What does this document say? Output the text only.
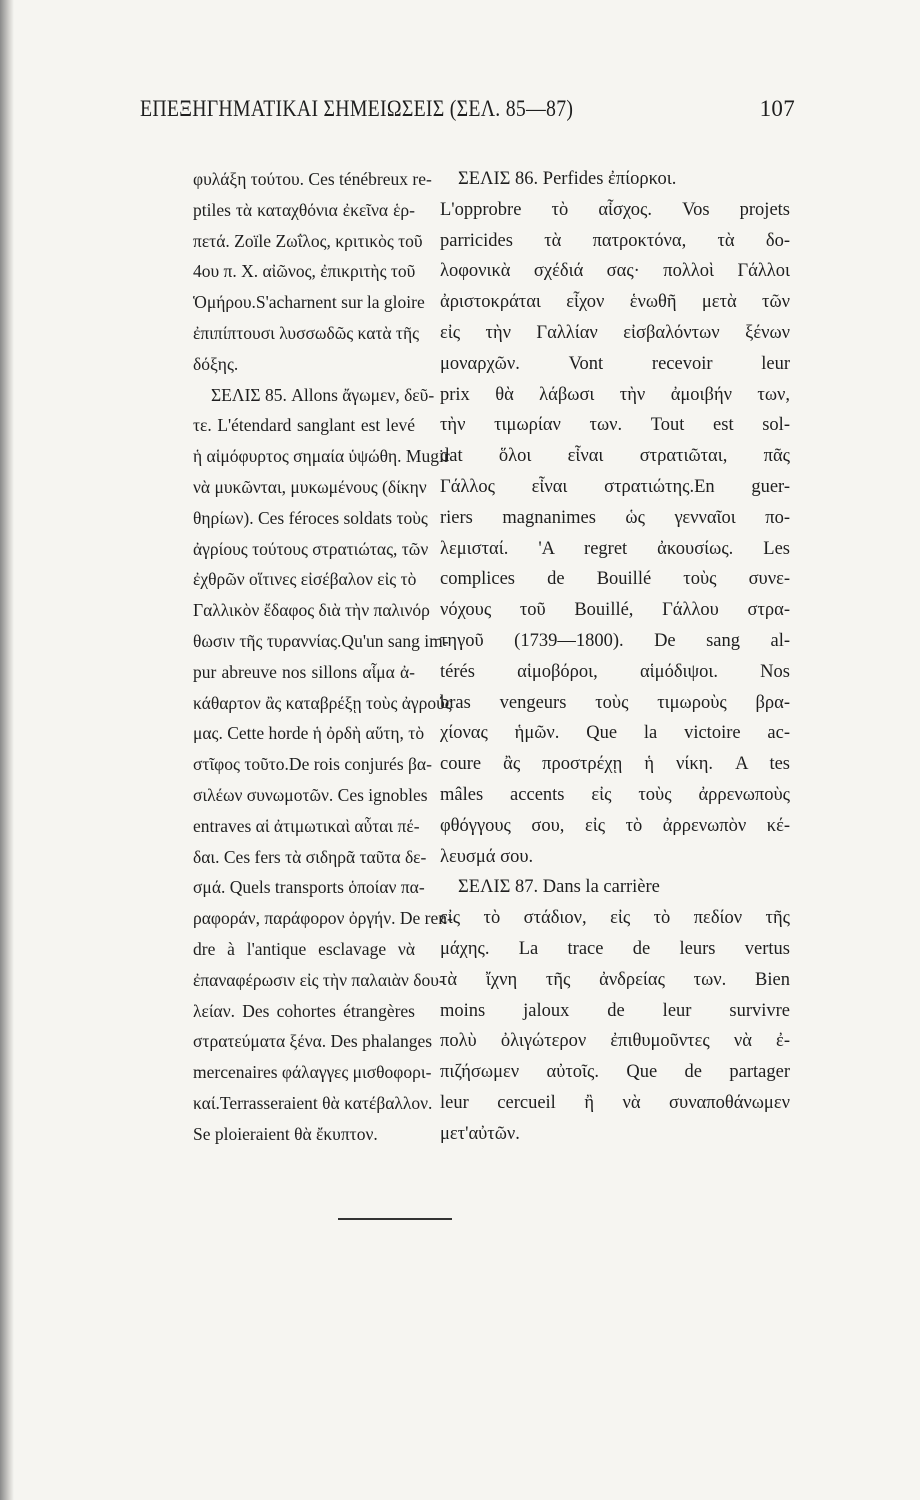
ΕΠΕΞΗΓΗΜΑΤΙΚΑΙ ΣΗΜΕΙΩΣΕΙΣ (ΣΕΛ. 85—87)	107
φυλάξη τούτου. Ces ténébreux re-
ptiles τὰ καταχθόνια ἐκεῖνα ἑρ-
πετά. Zoïle Ζωΐλος, κριτικὸς τοῦ
4ου π. Χ. αἰῶνος, ἐπικριτὴς τοῦ
Ὁμήρου.S'acharnent sur la gloire
ἐπιπίπτουσι λυσσωδῶς κατὰ τῆς
δόξης.
ΣΕΛΙΣ 85. Allons ἄγωμεν, δεῦ-
τε. L'étendard sanglant est levé
ἡ αἱμόφυρτος σημαία ὑψώθη. Mugir
νὰ μυκῶνται, μυκωμένους (δίκην
θηρίων). Ces féroces soldats τοὺς
ἀγρίους τούτους στρατιώτας, τῶν
ἐχθρῶν οἵτινες εἰσέβαλον εἰς τὸ
Γαλλικὸν ἔδαφος διὰ τὴν παλινόρ
θωσιν τῆς τυραννίας.Qu'un sang im-
pur abreuve nos sillons αἷμα ἀ-
κάθαρτον ἂς καταβρέξῃ τοὺς ἀγρούς
μας. Cette horde ἡ ὀρδὴ αὕτη, τὸ
στῖφος τοῦτο.De rois conjurés βα-
σιλέων συνωμοτῶν. Ces ignobles
entraves αἱ ἀτιμωτικαὶ αὗται πέ-
δαι. Ces fers τὰ σιδηρᾶ ταῦτα δε-
σμά. Quels transports ὁποίαν πα-
ραφοράν, παράφορον ὀργήν. De ren-
dre à l'antique esclavage νὰ
ἐπαναφέρωσιν εἰς τὴν παλαιὰν δου-
λείαν. Des cohortes étrangères
στρατεύματα ξένα. Des phalanges
mercenaires φάλαγγες μισθοφορι-
καί.Terrasseraient θὰ κατέβαλλον.
Se ploieraient θὰ ἔκυπτον.
ΣΕΛΙΣ 86. Perfides ἐπίορκοι.
L'opprobre τὸ αἶσχος. Vos projets
parricides τὰ πατροκτόνα, τὰ δο-
λοφονικὰ σχέδιά σας· πολλοὶ Γάλλοι
ἀριστοκράται εἶχον ἑνωθῆ μετὰ τῶν
εἰς τὴν Γαλλίαν εἰσβαλόντων ξένων
μοναρχῶν. Vont recevoir leur
prix θὰ λάβωσι τὴν ἀμοιβήν των,
τὴν τιμωρίαν των. Tout est sol-
dat ὅλοι εἶναι στρατιῶται, πᾶς
Γάλλος εἶναι στρατιώτης.En guer-
riers magnanimes ὡς γενναῖοι πο-
λεμισταί. 'A regret ἀκουσίως. Les
complices de Bouillé τοὺς συνε-
νόχους τοῦ Bouillé, Γάλλου στρα-
τηγοῦ (1739—1800). De sang al-
térés αἱμοβόροι, αἱμόδιψοι. Nos
bras vengeurs τοὺς τιμωροὺς βρα-
χίονας ἡμῶν. Que la victoire ac-
coure ἂς προστρέχῃ ἡ νίκη. A tes
mâles accents εἰς τοὺς ἀρρενωποὺς
φθόγγους σου, εἰς τὸ ἀρρενωπὸν κέ-
λευσμά σου.
ΣΕΛΙΣ 87. Dans la carrière
εἰς τὸ στάδιον, εἰς τὸ πεδίον τῆς
μάχης. La trace de leurs vertus
τὰ ἴχνη τῆς ἀνδρείας των. Bien
moins jaloux de leur survivre
πολὺ ὀλιγώτερον ἐπιθυμοῦντες νὰ ἐ-
πιζήσωμεν αὐτοῖς. Que de partager
leur cercueil ἢ νὰ συναποθάνωμεν
μετ'αὐτῶν.
